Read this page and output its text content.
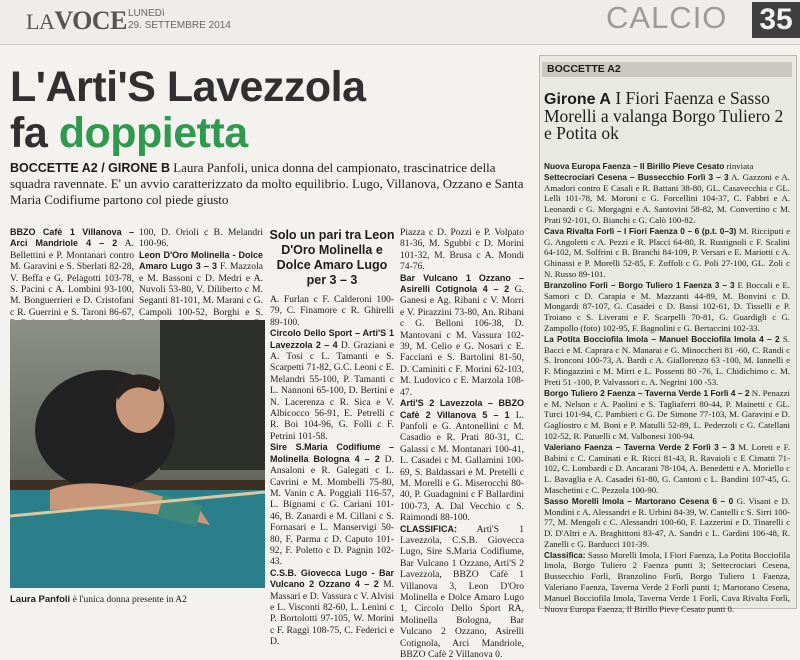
LAVOCE LUNEDì
29. SETTEMBRE 2014	CALCIO 35
L'Arti'S Lavezzola
fa doppietta
BOCCETTE A2 / GIRONE B Laura Panfoli, unica donna del campionato, trascinatrice della squadra ravennate. E' un avvio caratterizzato da molto equilibrio. Lugo, Villanova, Ozzano e Santa Maria Codifiume partono col piede giusto
BBZO Cafè 1 Villanova – Arci Mandriole 4 – 2 A. Bellettini e P. Montanari contro M. Garavini e S. Sberlati 82-28, V. Beffa e G. Pelagotti 103-78, S. Pacini c A. Lombini 93-100, M. Bonguerrieri e D. Cristofani c R. Guerrini e S. Taroni 86-67,
100, D. Orioli c B. Melandri 100-96.
Leon D'Oro Molinella - Dolce Amaro Lugo 3 – 3 F. Mazzola e M. Bassoni c D. Medri e A. Nuvoli 53-80, V. Diliberto c M. Seganti 81-101, M. Marani c G. Campoli 100-52, Borghi e S.
Solo un pari tra Leon D'Oro Molinella e Dolce Amaro Lugo per 3 – 3
A. Furlan c F. Calderoni 100-79, C. Finamore c R. Ghirelli 89-100.
Circolo Dello Sport – Arti'S 1 Lavezzola 2 – 4 D. Graziani e A. Tosi c L. Tamanti e S. Scarpetti 71-82, G.C. Leoni c E. Melandri 55-100, P. Tamanti c L. Nannoni 65-100, D. Bertini e N. Lacerenza c R. Sica e V. Albicocco 56-91, E. Petrelli c R. Boi 104-96, G. Folli c F. Petrini 101-58.
Sire S.Maria Codifiume – Molinella Bologna 4 – 2 D. Ansaloni e R. Galegati c L. Cavrini e M. Mombelli 75-80, M. Vanin c A. Poggiali 116-57, L. Bignami c G. Cariani 101-46, B. Zanardi e M. Cillani c S. Fornasari e L. Manservigi 50-80, F. Parma c D. Caputo 101-92, F. Poletto c D. Pagnin 102-43.
C.S.B. Giovecca Lugo - Bar Vulcano 2 Ozzano 4 – 2 M. Massari e D. Vassura c V. Alvisi e L. Visconti 82-60, L. Lenini c P. Bortolotti 97-105, W. Morini c F. Raggi 108-75, C. Federici e D.
Piazza c D. Pozzi e P. Volpato 81-36, M. Sgubbi c D. Morini 101-32, M. Brusa c A. Mondi 74-76.
Bar Vulcano 1 Ozzano – Asirelli Cotignola 4 – 2 G. Ganesi e Ag. Ribani c V. Morri e V. Pirazzini 73-80, An. Ribani c G. Belloni 106-38, D. Mantovani c M. Vassura 102-39, M. Celio e G. Nosari c E. Facciani e S. Bartolini 81-50, D. Caminiti c F. Morini 62-103, M. Ludovico c E. Marzola 108-47.
Arti'S 2 Lavezzola – BBZO Cafè 2 Villanova 5 – 1 L. Panfoli e G. Antonellini c M. Casadio e R. Prati 80-31, C. Galassi c M. Montanari 100-41, L. Casadei c M. Gallamini 100-69, S. Baldassari e M. Pretelli c M. Morelli e G. Miserocchi 80-40, P. Guadagnini c F Ballardini 100-73, A. Dal Vecchio c S. Raimondi 88-100.
CLASSIFICA: Arti'S 1 Lavezzola, C.S.B. Giovecca Lugo, Sire S.Maria Codifiume, Bar Vulcano 1 Ozzano, Arti'S 2 Lavezzola, BBZO Cafè 1 Villanova 3, Leon D'Oro Molinella e Dolce Amaro Lugo 1, Circolo Dello Sport RA, Molinella Bologna, Bar Vulcano 2 Ozzano, Asirelli Cotignola, Arci Mandriole, BBZO Cafè 2 Villanova 0.
Laura Panfoli è l'unica donna presente in A2
BOCCETTE A2
Girone A I Fiori Faenza e Sasso Morelli a valanga Borgo Tuliero 2 e Potita ok
Nuova Europa Faenza – Il Birillo Pieve Cesato rinviata
Settecrociari Cesena – Bussecchio Forlì 3 – 3 A. Gazzoni e A. Amadori contro E Casali e R. Battani 38-80, GL. Casavecchia c GL. Lelli 101-78, M. Moroni c G. Forcellini 104-37, C. Fabbri e A. Leonardi c G. Morgagni e A. Santovini 58-82, M. Convertino c M. Prati 92-101, O. Bianchi c G. Calò 100-82.
Cava Rivalta Forlì – I Fiori Faenza 0 – 6 (p.t. 0–3) M. Ricciputi e G. Angoletti c A. Pezzi e R. Placci 64-80, R. Rustignoli c F. Scalini 64-102, M. Solfrini c B. Branchi 84-109, P. Versari e E. Mariotti c A. Ghinassi e P. Morelli 52-85, F. Zoffoli c G. Poli 27-100, GL. Zoli c N. Russo 89-101.
Branzolino Forlì – Borgo Tuliero 1 Faenza 3 – 3 E Boccali e E. Samori c D. Carapia e M. Mazzanti 44-89, M. Bonvini c D. Mongardi 87-107, G. Casadei c D. Bassi 102-61, D. Tisselli e P. Troiano c S. Liverani e F. Scarpelli 70-81, G. Guardigli c G. Zampollo (foto) 102-95, F. Bagnolini c G. Bertaccini 102-33.
La Potita Bocciofila Imola – Manuel Bocciofila Imola 4 – 2 S. Bacci e M. Caprara c N. Manarai e G. Minoccheri 81 -60, C. Randi c S. Ironconi 100-73, A. Bardi c A. Giallorenzo 63 -100, M. Iannelli e F. Mingazzini c M. Mirri e L. Possenti 80 -76, L. Chidichimo c. M. Preti 51 -100, P. Valvassori c. A. Negrini 100 -53.
Borgo Tuliero 2 Faenza – Taverna Verde 1 Forlì 4 – 2 N. Penazzi e M. Nelson c A. Paolini e S. Tagliaferri 80-44, P. Mainetti c GL. Turci 101-94, C. Pambieri c G. De Simone 77-103, M. Garavini e D. Gagliostro c M. Boni e P. Matulli 52-89, L. Pederzoli c G. Catellani 102-52, R. Patuelli c M. Valbonesi 100-94.
Valeriano Faenza – Taverna Verde 2 Forlì 3 – 3 M. Loreti e F. Babini c C. Caminati e R. Ricci 81-43, R. Ravaioli c E Cimatti 71-102, C. Lombardi c D. Ancarani 78-104, A. Benedetti e A. Moriello c L. Bavaglia e A. Casadei 61-80, G. Cantoni c L. Bandini 107-45, G. Maschetini c C. Pezzola 100-90.
Sasso Morelli Imola – Martorano Cesena 6 – 0 G. Visani e D. Mondini c A. Alessandri e R. Urbini 84-39, W. Cantelli c S. Sirri 100-77, M. Mengoli c C. Alessandri 100-60, F. Lazzerini e D. Tinarelli c D. D'Altri e A. Braghittoni 83-47, A. Sandri c L. Gardini 106-48, R. Zanelli c G. Barducci 101-39.
Classifica: Sasso Morelli Imola, I Fiori Faenza, La Potita Bocciofila Imola, Borgo Tuliero 2 Faenza punti 3; Settecrociari Cesena, Bussecchio Forlì, Branzolino Forlì, Borgo Tuliero 1 Faenza, Valeriano Faenza, Taverna Verde 2 Forlì punti 1; Martorano Cesena, Manuel Bocciofila Imola, Taverna Verde 1 Forlì, Cava Rivalta Forlì, Nuova Europa Faenza, Il Birillo Pieve Cesato punti 0.
